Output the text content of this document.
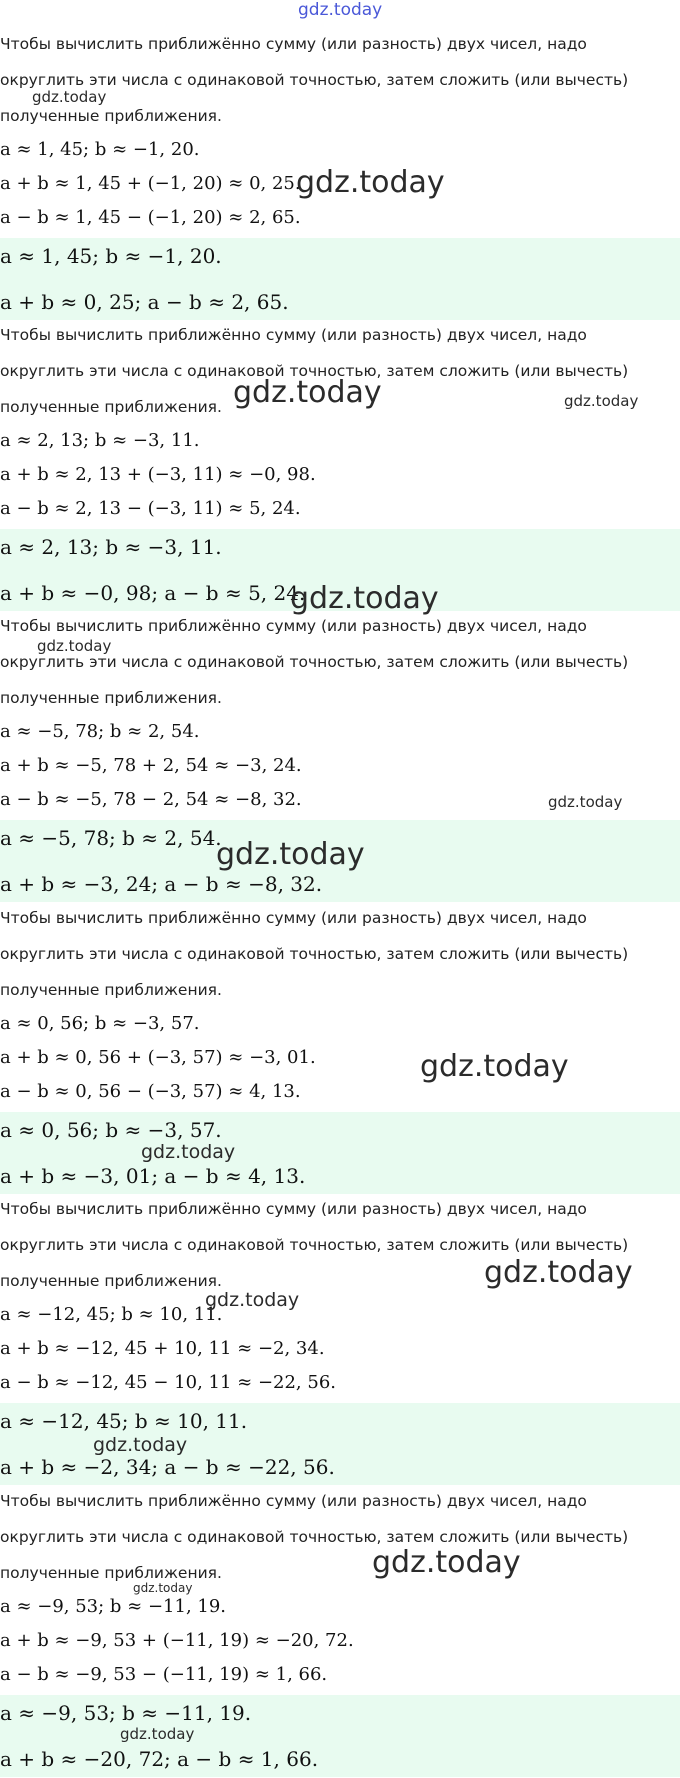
gdz.today
Чтобы вычислить приближённо сумму (или разность) двух чисел, надо
округлить эти числа с одинаковой точностью, затем сложить (или вычесть)
полученные приближения.
a ≈ 1, 45; b ≈ −1, 20.
a + b ≈ 1, 45 + (−1, 20) ≈ 0, 25.
a − b ≈ 1, 45 − (−1, 20) ≈ 2, 65.
a ≈ 1, 45; b ≈ −1, 20.
a + b ≈ 0, 25; a − b ≈ 2, 65.
Чтобы вычислить приближённо сумму (или разность) двух чисел, надо
округлить эти числа с одинаковой точностью, затем сложить (или вычесть)
полученные приближения.
a ≈ 2, 13; b ≈ −3, 11.
a + b ≈ 2, 13 + (−3, 11) ≈ −0, 98.
a − b ≈ 2, 13 − (−3, 11) ≈ 5, 24.
a ≈ 2, 13; b ≈ −3, 11.
a + b ≈ −0, 98; a − b ≈ 5, 24.
Чтобы вычислить приближённо сумму (или разность) двух чисел, надо
округлить эти числа с одинаковой точностью, затем сложить (или вычесть)
полученные приближения.
a ≈ −5, 78; b ≈ 2, 54.
a + b ≈ −5, 78 + 2, 54 ≈ −3, 24.
a − b ≈ −5, 78 − 2, 54 ≈ −8, 32.
a ≈ −5, 78; b ≈ 2, 54.
a + b ≈ −3, 24; a − b ≈ −8, 32.
Чтобы вычислить приближённо сумму (или разность) двух чисел, надо
округлить эти числа с одинаковой точностью, затем сложить (или вычесть)
полученные приближения.
a ≈ 0, 56; b ≈ −3, 57.
a + b ≈ 0, 56 + (−3, 57) ≈ −3, 01.
a − b ≈ 0, 56 − (−3, 57) ≈ 4, 13.
a ≈ 0, 56; b ≈ −3, 57.
a + b ≈ −3, 01; a − b ≈ 4, 13.
Чтобы вычислить приближённо сумму (или разность) двух чисел, надо
округлить эти числа с одинаковой точностью, затем сложить (или вычесть)
полученные приближения.
a ≈ −12, 45; b ≈ 10, 11.
a + b ≈ −12, 45 + 10, 11 ≈ −2, 34.
a − b ≈ −12, 45 − 10, 11 ≈ −22, 56.
a ≈ −12, 45; b ≈ 10, 11.
a + b ≈ −2, 34; a − b ≈ −22, 56.
Чтобы вычислить приближённо сумму (или разность) двух чисел, надо
округлить эти числа с одинаковой точностью, затем сложить (или вычесть)
полученные приближения.
a ≈ −9, 53; b ≈ −11, 19.
a + b ≈ −9, 53 + (−11, 19) ≈ −20, 72.
a − b ≈ −9, 53 − (−11, 19) ≈ 1, 66.
a ≈ −9, 53; b ≈ −11, 19.
a + b ≈ −20, 72; a − b ≈ 1, 66.
gdz.today
gdz.today
gdz.today	gdz.today
gdz.today
gdz.today
gdz.today
gdz.today
gdz.today
gdz.today
gdz.today
gdz.today
gdz.today
gdz.today
gdz.today
gdz.today
